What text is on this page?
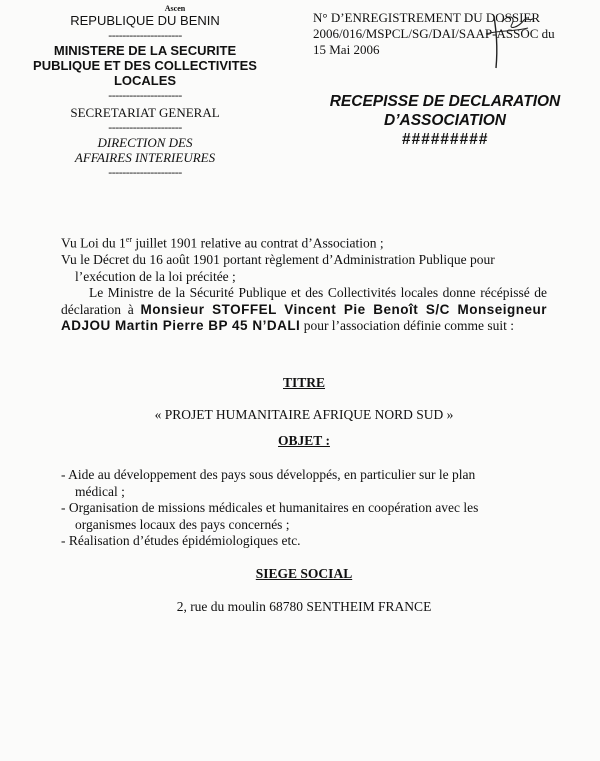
Ascen
REPUBLIQUE DU BENIN
---------------------
MINISTERE DE LA SECURITE
PUBLIQUE ET DES COLLECTIVITES
LOCALES
---------------------
SECRETARIAT GENERAL
---------------------
DIRECTION DES
AFFAIRES INTERIEURES
---------------------
N° D’ENREGISTREMENT DU DOSSIER
2006/016/MSPCL/SG/DAI/SAAP-ASSOC du
15 Mai 2006
RECEPISSE DE DECLARATION
D’ASSOCIATION
#########

Vu Loi du 1er juillet 1901 relative au contrat d’Association ;

Vu le Décret du 16 août 1901 portant règlement d’Administration Publique pour

l’exécution de la loi précitée ;

Le Ministre de la Sécurité Publique et des Collectivités locales donne récépissé de déclaration à Monsieur STOFFEL Vincent Pie Benoît S/C Monseigneur ADJOU Martin Pierre BP 45 N’DALI pour l’association définie comme suit :

TITRE
« PROJET HUMANITAIRE AFRIQUE NORD SUD »
OBJET :

- Aide au développement des pays sous développés, en particulier sur le plan

médical ;

- Organisation de missions médicales et humanitaires en coopération avec les

organismes locaux des pays concernés ;

- Réalisation d’études épidémiologiques etc.

SIEGE SOCIAL
2, rue du moulin 68780 SENTHEIM FRANCE
